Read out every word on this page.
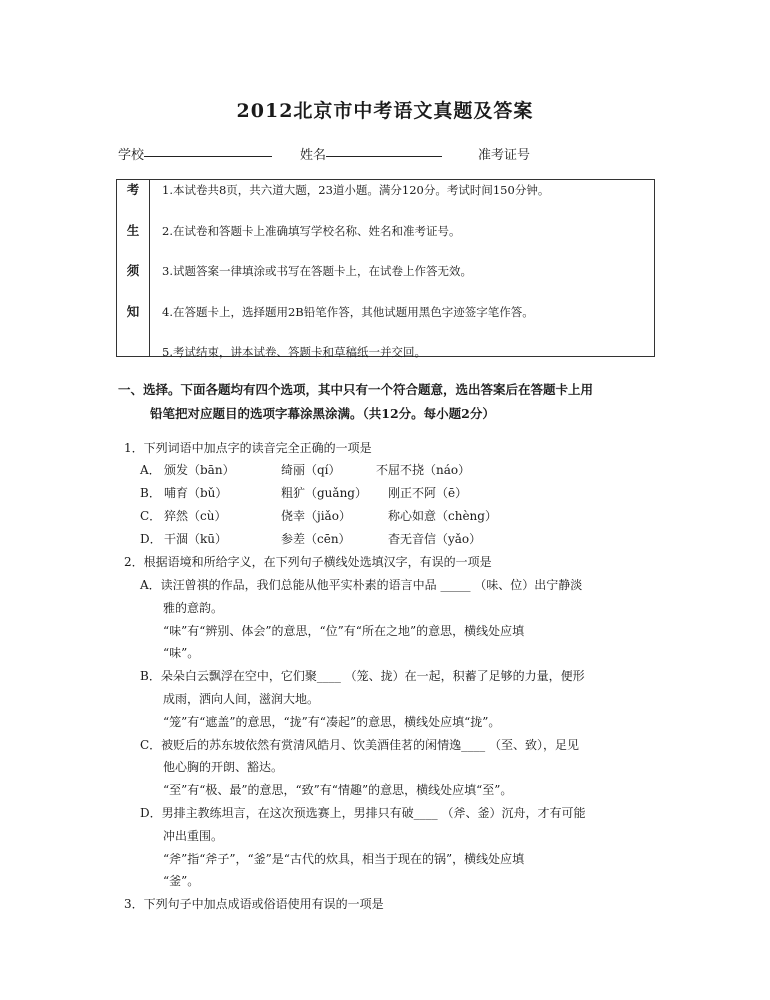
2012北京市中考语文真题及答案
学校	姓名	准考证号
考
生
须
知

1.本试卷共8页，共六道大题，23道小题。满分120分。考试时间150分钟。
2.在试卷和答题卡上准确填写学校名称、姓名和准考证号。
3.试题答案一律填涂或书写在答题卡上，在试卷上作答无效。
4.在答题卡上，选择题用2B铅笔作答，其他试题用黑色字迹签字笔作答。
5.考试结束，讲本试卷、答题卡和草稿纸一并交回。
一、选择。下面各题均有四个选项，其中只有一个符合题意，选出答案后在答题卡上用
铅笔把对应题目的选项字幕涂黑涂满。（共12分。每小题2分）
1．下列词语中加点字的读音完全正确的一项是
A． 颁发（bān）	绮丽（qí）	不屈不挠（náo）
B． 哺育（bǔ）	粗犷（guǎng） 刚正不阿（ē）
C． 猝然（cù）	侥幸（jiǎo）	称心如意（chèng）
D． 干涸（kū）	参差（cēn）	杳无音信（yǎo）
2．根据语境和所给字义，在下列句子横线处选填汉字，有误的一项是
A．读汪曾祺的作品，我们总能从他平实朴素的语言中品 _____ （味、位）出宁静淡
雅的意韵。
“味”有“辨别、体会”的意思，“位”有“所在之地”的意思，横线处应填
“味”。
B．朵朵白云飘浮在空中，它们聚____ （笼、拢）在一起，积蓄了足够的力量，便形
成雨，洒向人间，滋润大地。
“笼”有“遮盖”的意思，“拢”有“凑起”的意思，横线处应填“拢”。
C．被贬后的苏东坡依然有赏清风皓月、饮美酒佳茗的闲情逸____ （至、致），足见
他心胸的开朗、豁达。
“至”有“极、最”的意思，“致”有“情趣”的意思，横线处应填“至”。
D．男排主教练坦言，在这次预选赛上，男排只有破____ （斧、釜）沉舟，才有可能
冲出重围。
“斧”指“斧子”，“釜”是“古代的炊具，相当于现在的锅”，横线处应填
“釜”。
3．下列句子中加点成语或俗语使用有误的一项是
